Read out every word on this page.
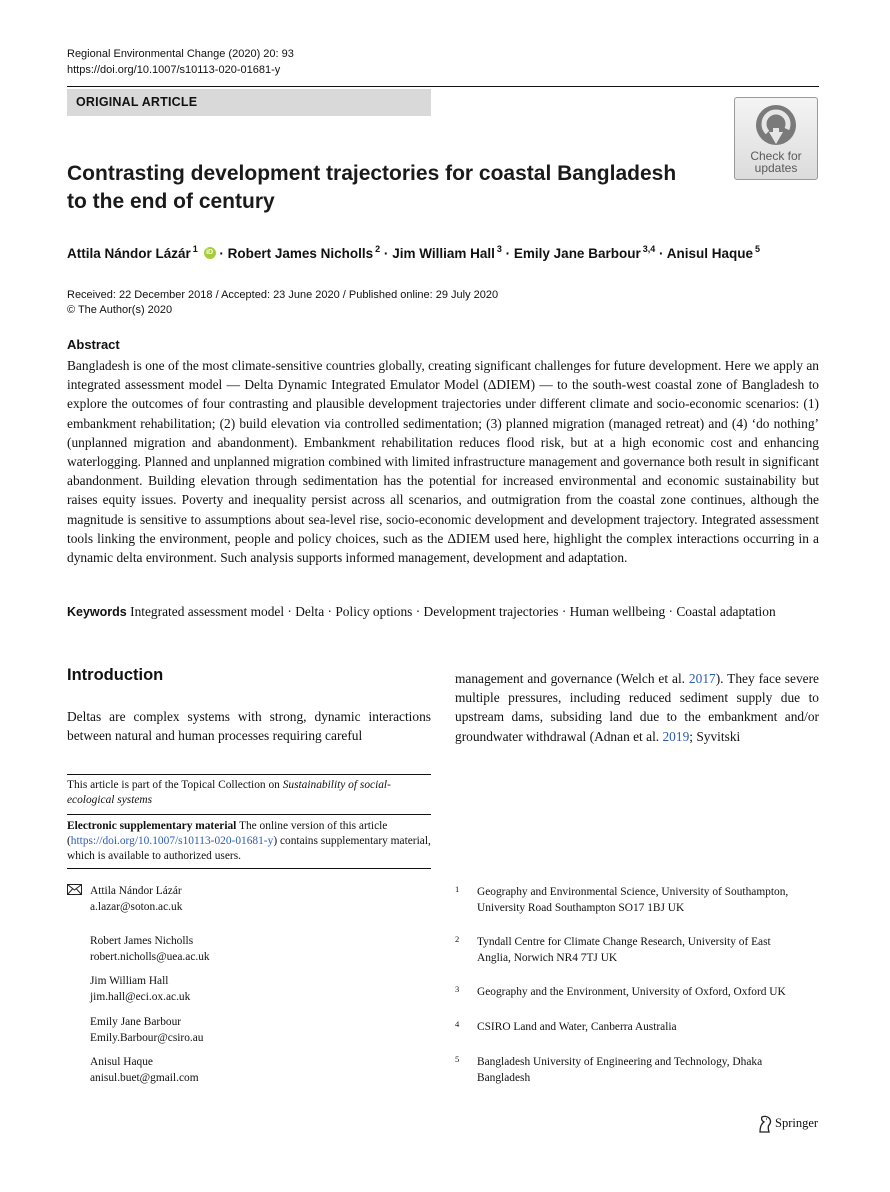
Regional Environmental Change (2020) 20: 93
https://doi.org/10.1007/s10113-020-01681-y
ORIGINAL ARTICLE
Check for
updates
Contrasting development trajectories for coastal Bangladesh to the end of century
Attila Nándor Lázár $^1$	iD · Robert James Nicholls $^2$ · Jim William Hall $^3$ · Emily Jane Barbour $^{3,4}$ · Anisul Haque $^5$
Received: 22 December 2018 / Accepted: 23 June 2020 / Published online: 29 July 2020
© The Author(s) 2020
Abstract
Bangladesh is one of the most climate-sensitive countries globally, creating significant challenges for future development. Here we apply an integrated assessment model — Delta Dynamic Integrated Emulator Model (ΔDIEM) — to the south-west coastal zone of Bangladesh to explore the outcomes of four contrasting and plausible development trajectories under different climate and socio-economic scenarios: (1) embankment rehabilitation; (2) build elevation via controlled sedimentation; (3) planned migration (managed retreat) and (4) ‘do nothing’ (unplanned migration and abandonment). Embankment rehabilitation reduces flood risk, but at a high economic cost and enhancing waterlogging. Planned and unplanned migration combined with limited infrastructure management and governance both result in significant abandonment. Building elevation through sedimentation has the potential for increased environmental and economic sustainability but raises equity issues. Poverty and inequality persist across all scenarios, and outmigration from the coastal zone continues, although the magnitude is sensitive to assumptions about sea-level rise, socio-economic development and development trajectory. Integrated assessment tools linking the environment, people and policy choices, such as the ΔDIEM used here, highlight the complex interactions occurring in a dynamic delta environment. Such analysis supports informed management, development and adaptation.
Keywords Integrated assessment model · Delta · Policy options · Development trajectories · Human wellbeing · Coastal adaptation
Introduction
Deltas are complex systems with strong, dynamic interactions between natural and human processes requiring careful
management and governance (Welch et al. 2017). They face severe multiple pressures, including reduced sediment supply due to upstream dams, subsiding land due to the embankment and/or groundwater withdrawal (Adnan et al. 2019; Syvitski
This article is part of the Topical Collection on Sustainability of social-ecological systems
Electronic supplementary material The online version of this article (https://doi.org/10.1007/s10113-020-01681-y) contains supplementary material, which is available to authorized users.
Attila Nándor Lázár
a.lazar@soton.ac.uk
Robert James Nicholls
robert.nicholls@uea.ac.uk
Jim William Hall
jim.hall@eci.ox.ac.uk
Emily Jane Barbour
Emily.Barbour@csiro.au
Anisul Haque
anisul.buet@gmail.com
1 Geography and Environmental Science, University of Southampton,
University Road Southampton SO17 1BJ UK
2 Tyndall Centre for Climate Change Research, University of East
Anglia, Norwich NR4 7TJ UK
3 Geography and the Environment, University of Oxford, Oxford UK
4 CSIRO Land and Water, Canberra Australia
5 Bangladesh University of Engineering and Technology, Dhaka
Bangladesh
Springer
